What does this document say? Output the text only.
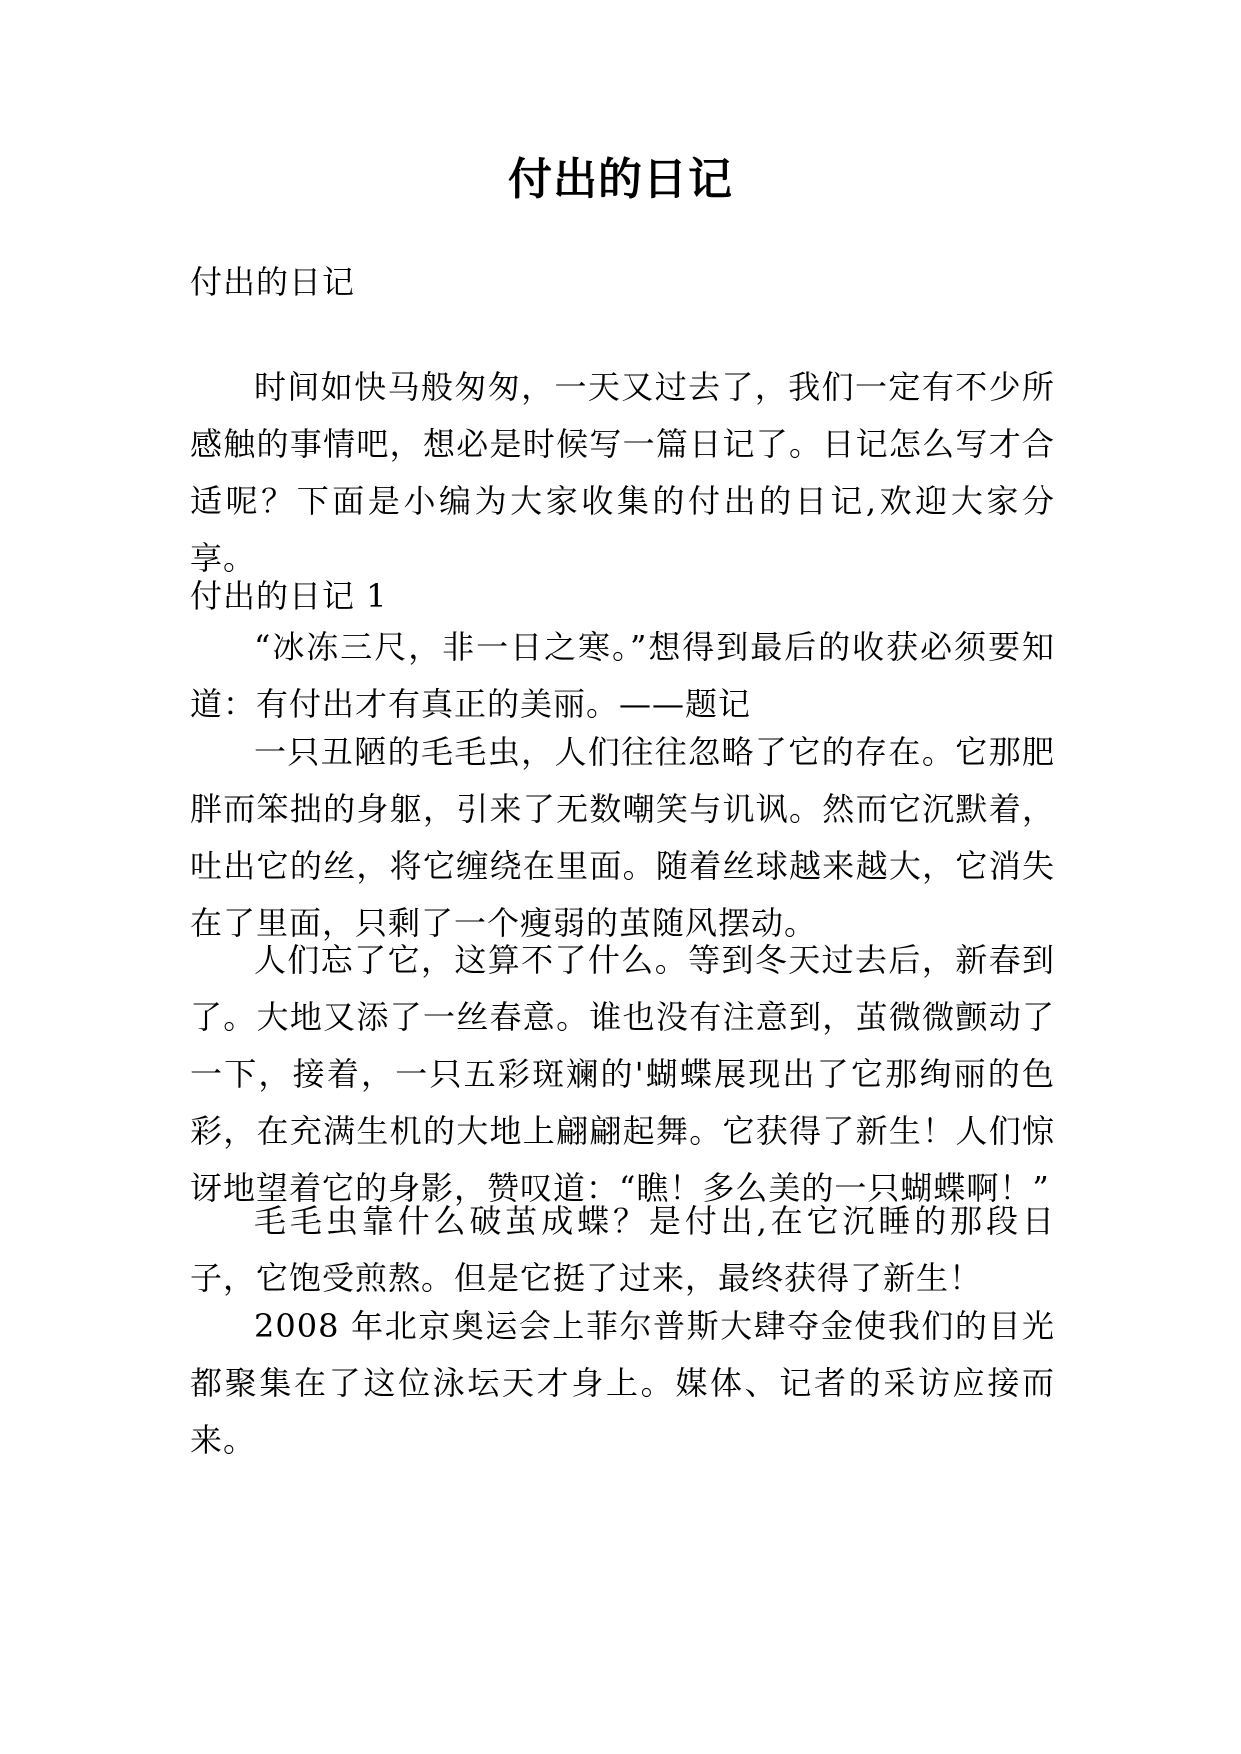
付出的日记
付出的日记

时间如快马般匆匆，一天又过去了，我们一定有不少所感触的事情吧，想必是时候写一篇日记了。日记怎么写才合适呢？下面是小编为大家收集的付出的日记,欢迎大家分享。

付出的日记 1

“冰冻三尺，非一日之寒。”想得到最后的收获必须要知道：有付出才有真正的美丽。——题记

一只丑陋的毛毛虫，人们往往忽略了它的存在。它那肥胖而笨拙的身躯，引来了无数嘲笑与讥讽。然而它沉默着，吐出它的丝，将它缠绕在里面。随着丝球越来越大，它消失在了里面，只剩了一个瘦弱的茧随风摆动。

人们忘了它，这算不了什么。等到冬天过去后，新春到了。大地又添了一丝春意。谁也没有注意到，茧微微颤动了一下，接着，一只五彩斑斓的'蝴蝶展现出了它那绚丽的色彩，在充满生机的大地上翩翩起舞。它获得了新生！人们惊讶地望着它的身影，赞叹道：“瞧！多么美的一只蝴蝶啊！”

毛毛虫靠什么破茧成蝶？是付出,在它沉睡的那段日子，它饱受煎熬。但是它挺了过来，最终获得了新生！

2008 年北京奥运会上菲尔普斯大肆夺金使我们的目光都聚集在了这位泳坛天才身上。媒体、记者的采访应接而来。
